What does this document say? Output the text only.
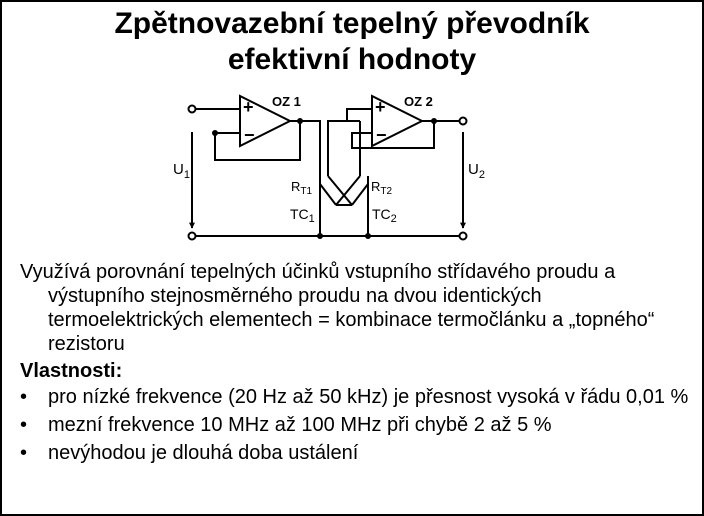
Zpětnovazební tepelný převodník
efektivní hodnoty
+
−
OZ 1	+
−
OZ 2
$U_1$	$U_2$
$R_{T1}$	$R_{T2}$
$TC_1$	$TC_2$

Využívá porovnání tepelných účinků vstupního střídavého proudu a výstupního stejnosměrného proudu na dvou identických termoelektrických elementech = kombinace termočlánku a „topného“ rezistoru

Vlastnosti:
• pro nízké frekvence (20 Hz až 50 kHz) je přesnost vysoká v řádu 0,01 %
• mezní frekvence 10 MHz až 100 MHz při chybě 2 až 5 %
• nevýhodou je dlouhá doba ustálení
